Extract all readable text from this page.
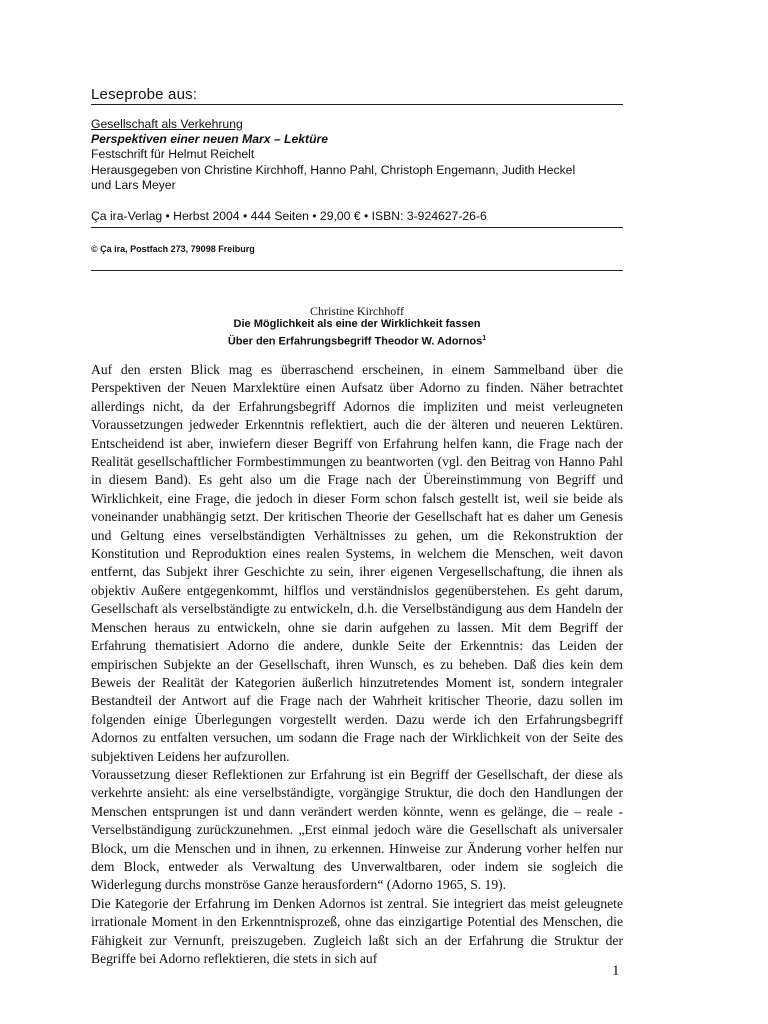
Leseprobe aus:
Gesellschaft als Verkehrung
Perspektiven einer neuen Marx – Lektüre
Festschrift für Helmut Reichelt
Herausgegeben von Christine Kirchhoff, Hanno Pahl, Christoph Engemann, Judith Heckel
und Lars Meyer
Ça ira-Verlag • Herbst 2004 • 444 Seiten • 29,00 € • ISBN: 3-924627-26-6
© Ça ira, Postfach 273, 79098 Freiburg
Christine Kirchhoff
Die Möglichkeit als eine der Wirklichkeit fassen
Über den Erfahrungsbegriff Theodor W. Adornos$^1$

Auf den ersten Blick mag es überraschend erscheinen, in einem Sammelband über die Perspektiven der Neuen Marxlektüre einen Aufsatz über Adorno zu finden. Näher betrachtet allerdings nicht, da der Erfahrungsbegriff Adornos die impliziten und meist verleugneten Voraussetzungen jedweder Erkenntnis reflektiert, auch die der älteren und neueren Lektüren. Entscheidend ist aber, inwiefern dieser Begriff von Erfahrung helfen kann, die Frage nach der Realität gesellschaftlicher Formbestimmungen zu beantworten (vgl. den Beitrag von Hanno Pahl in diesem Band). Es geht also um die Frage nach der Übereinstimmung von Begriff und Wirklichkeit, eine Frage, die jedoch in dieser Form schon falsch gestellt ist, weil sie beide als voneinander unabhängig setzt. Der kritischen Theorie der Gesellschaft hat es daher um Genesis und Geltung eines verselbständigten Verhältnisses zu gehen, um die Rekonstruktion der Konstitution und Reproduktion eines realen Systems, in welchem die Menschen, weit davon entfernt, das Subjekt ihrer Geschichte zu sein, ihrer eigenen Vergesellschaftung, die ihnen als objektiv Außere entgegenkommt, hilflos und verständnislos gegenüberstehen. Es geht darum, Gesellschaft als verselbständigte zu entwickeln, d.h. die Verselbständigung aus dem Handeln der Menschen heraus zu entwickeln, ohne sie darin aufgehen zu lassen. Mit dem Begriff der Erfahrung thematisiert Adorno die andere, dunkle Seite der Erkenntnis: das Leiden der empirischen Subjekte an der Gesellschaft, ihren Wunsch, es zu beheben. Daß dies kein dem Beweis der Realität der Kategorien äußerlich hinzutretendes Moment ist, sondern integraler Bestandteil der Antwort auf die Frage nach der Wahrheit kritischer Theorie, dazu sollen im folgenden einige Überlegungen vorgestellt werden. Dazu werde ich den Erfahrungsbegriff Adornos zu entfalten versuchen, um sodann die Frage nach der Wirklichkeit von der Seite des subjektiven Leidens her aufzurollen.

Voraussetzung dieser Reflektionen zur Erfahrung ist ein Begriff der Gesellschaft, der diese als verkehrte ansieht: als eine verselbständigte, vorgängige Struktur, die doch den Handlungen der Menschen entsprungen ist und dann verändert werden könnte, wenn es gelänge, die – reale -Verselbständigung zurückzunehmen. „Erst einmal jedoch wäre die Gesellschaft als universaler Block, um die Menschen und in ihnen, zu erkennen. Hinweise zur Änderung vorher helfen nur dem Block, entweder als Verwaltung des Unverwaltbaren, oder indem sie sogleich die Widerlegung durchs monströse Ganze herausfordern“ (Adorno 1965, S. 19).

Die Kategorie der Erfahrung im Denken Adornos ist zentral. Sie integriert das meist geleugnete irrationale Moment in den Erkenntnisprozeß, ohne das einzigartige Potential des Menschen, die Fähigkeit zur Vernunft, preiszugeben. Zugleich laßt sich an der Erfahrung die Struktur der Begriffe bei Adorno reflektieren, die stets in sich auf

1
